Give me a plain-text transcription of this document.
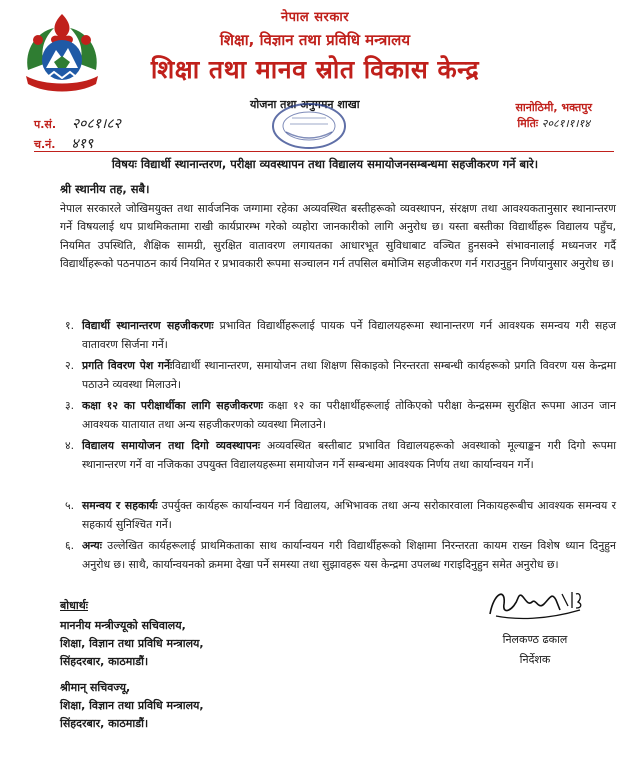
नेपाल सरकार
शिक्षा, विज्ञान तथा प्रविधि मन्त्रालय
शिक्षा तथा मानव स्रोत विकास केन्द्र
योजना तथा अनुगमन शाखा	सानोठिमी, भक्तपुर
मितिः २०८१।१।१४
प.सं. २०८१।८२
च.नं. ४१९
विषयः विद्यार्थी स्थानान्तरण, परीक्षा व्यवस्थापन तथा विद्यालय समायोजनसम्बन्धमा सहजीकरण गर्ने बारे।
श्री स्थानीय तह, सबै।
नेपाल सरकारले जोखिमयुक्त तथा सार्वजनिक जग्गामा रहेका अव्यवस्थित बस्तीहरूको व्यवस्थापन, संरक्षण तथा आवश्यकतानुसार स्थानान्तरण गर्ने विषयलाई थप प्राथमिकतामा राखी कार्यप्रारम्भ गरेको व्यहोरा जानकारीको लागि अनुरोध छ। यस्ता बस्तीका विद्यार्थीहरू विद्यालय पहुँच, नियमित उपस्थिति, शैक्षिक सामग्री, सुरक्षित वातावरण लगायतका आधारभूत सुविधाबाट वञ्चित हुनसक्ने संभावनालाई मध्यनजर गर्दै विद्यार्थीहरूको पठनपाठन कार्य नियमित र प्रभावकारी रूपमा सञ्चालन गर्न तपसिल बमोजिम सहजीकरण गर्न गराउनुहुन निर्णयानुसार अनुरोध छ।
१. विद्यार्थी स्थानान्तरण सहजीकरणः प्रभावित विद्यार्थीहरूलाई पायक पर्ने विद्यालयहरूमा स्थानान्तरण गर्न आवश्यक समन्वय गरी सहज वातावरण सिर्जना गर्ने।
२. प्रगति विवरण पेश गर्नेःविद्यार्थी स्थानान्तरण, समायोजन तथा शिक्षण सिकाइको निरन्तरता सम्बन्धी कार्यहरूको प्रगति विवरण यस केन्द्रमा पठाउने व्यवस्था मिलाउने।
३. कक्षा १२ का परीक्षार्थीका लागि सहजीकरणः कक्षा १२ का परीक्षार्थीहरूलाई तोकिएको परीक्षा केन्द्रसम्म सुरक्षित रूपमा आउन जान आवश्यक यातायात तथा अन्य सहजीकरणको व्यवस्था मिलाउने।
४. विद्यालय समायोजन तथा दिगो व्यवस्थापनः अव्यवस्थित बस्तीबाट प्रभावित विद्यालयहरूको अवस्थाको मूल्याङ्कन गरी दिगो रूपमा स्थानान्तरण गर्ने वा नजिकका उपयुक्त विद्यालयहरूमा समायोजन गर्ने सम्बन्धमा आवश्यक निर्णय तथा कार्यान्वयन गर्ने।
५. समन्वय र सहकार्यः उपर्युक्त कार्यहरू कार्यान्वयन गर्न विद्यालय, अभिभावक तथा अन्य सरोकारवाला निकायहरूबीच आवश्यक समन्वय र सहकार्य सुनिश्चित गर्ने।
६. अन्यः उल्लेखित कार्यहरूलाई प्राथमिकताका साथ कार्यान्वयन गरी विद्यार्थीहरूको शिक्षामा निरन्तरता कायम राख्न विशेष ध्यान दिनुहुन अनुरोध छ। साथै, कार्यान्वयनको क्रममा देखा पर्ने समस्या तथा सुझावहरू यस केन्द्रमा उपलब्ध गराइदिनुहुन समेत अनुरोध छ।
बोधार्थः
माननीय मन्त्रीज्यूको सचिवालय,
शिक्षा, विज्ञान तथा प्रविधि मन्त्रालय,
सिंहदरबार, काठमाडौं।
श्रीमान् सचिवज्यू,
शिक्षा, विज्ञान तथा प्रविधि मन्त्रालय,
सिंहदरबार, काठमाडौं।
निलकण्ठ ढकाल
निर्देशक
